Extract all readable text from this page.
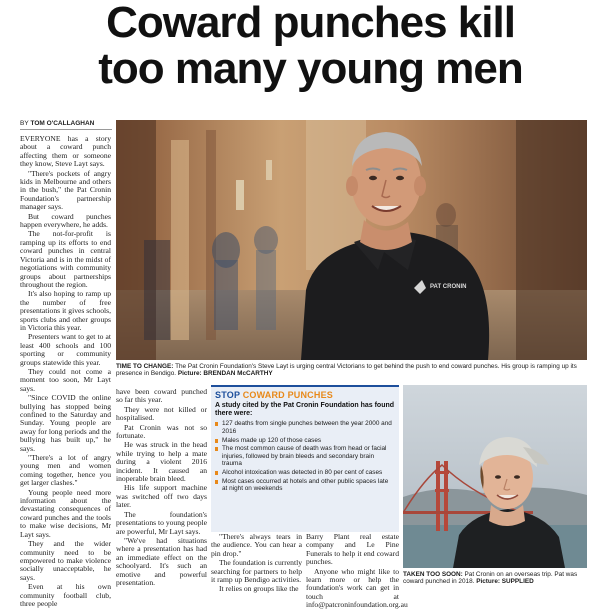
Coward punches kill
too many young men
BY TOM O'CALLAGHAN

EVERYONE has a story about a coward punch affecting them or someone they know, Steve Layt says.

"There's pockets of angry kids in Melbourne and others in the bush," the Pat Cronin Foundation's partnership manager says.

But coward punches happen everywhere, he adds.

The not-for-profit is ramping up its efforts to end coward punches in central Victoria and is in the midst of negotiations with community groups about partnerships throughout the region.

It's also hoping to ramp up the number of free presentations it gives schools, sports clubs and other groups in Victoria this year.

Presenters want to get to at least 400 schools and 100 sporting or community groups statewide this year.

They could not come a moment too soon, Mr Layt says.

"Since COVID the online bullying has stopped being confined to the Saturday and Sunday. Young people are away for long periods and the bullying has built up," he says.

"There's a lot of angry young men and women coming together, hence you get larger clashes."

Young people need more information about the devastating consequences of coward punches and the tools to make wise decisions, Mr Layt says.

They and the wider community need to be empowered to make violence socially unacceptable, he says.

Even at his own community football club, three people

have been coward punched so far this year.

They were not killed or hospitalised.

Pat Cronin was not so fortunate.

He was struck in the head while trying to help a mate during a violent 2016 incident. It caused an inoperable brain bleed.

His life support machine was switched off two days later.

The foundation's presentations to young people are powerful, Mr Layt says.

"We've had situations where a presentation has had an immediate effect on the schoolyard. It's such an emotive and powerful presentation.

"There's always tears in the audience. You can hear a pin drop."

The foundation is currently searching for partners to help it ramp up Bendigo activities.

It relies on groups like the

Barry Plant real estate company and Le Pine Funerals to help it end coward punches.

Anyone who might like to learn more or help the foundation's work can get in touch at info@patcroninfoundation.org.au

PAT CRONIN
TIME TO CHANGE: The Pat Cronin Foundation's Steve Layt is urging central Victorians to get behind the push to end coward punches. His group is ramping up its presence in Bendigo. Picture: BRENDAN McCARTHY
STOP COWARD PUNCHES
A study cited by the Pat Cronin Foundation has found there were:
127 deaths from single punches between the year 2000 and 2016
Males made up 120 of those cases
The most common cause of death was from head or facial injuries, followed by brain bleeds and secondary brain trauma
Alcohol intoxication was detected in 80 per cent of cases
Most cases occurred at hotels and other public spaces late at night on weekends
TAKEN TOO SOON: Pat Cronin on an overseas trip. Pat was coward punched in 2018. Picture: SUPPLIED
